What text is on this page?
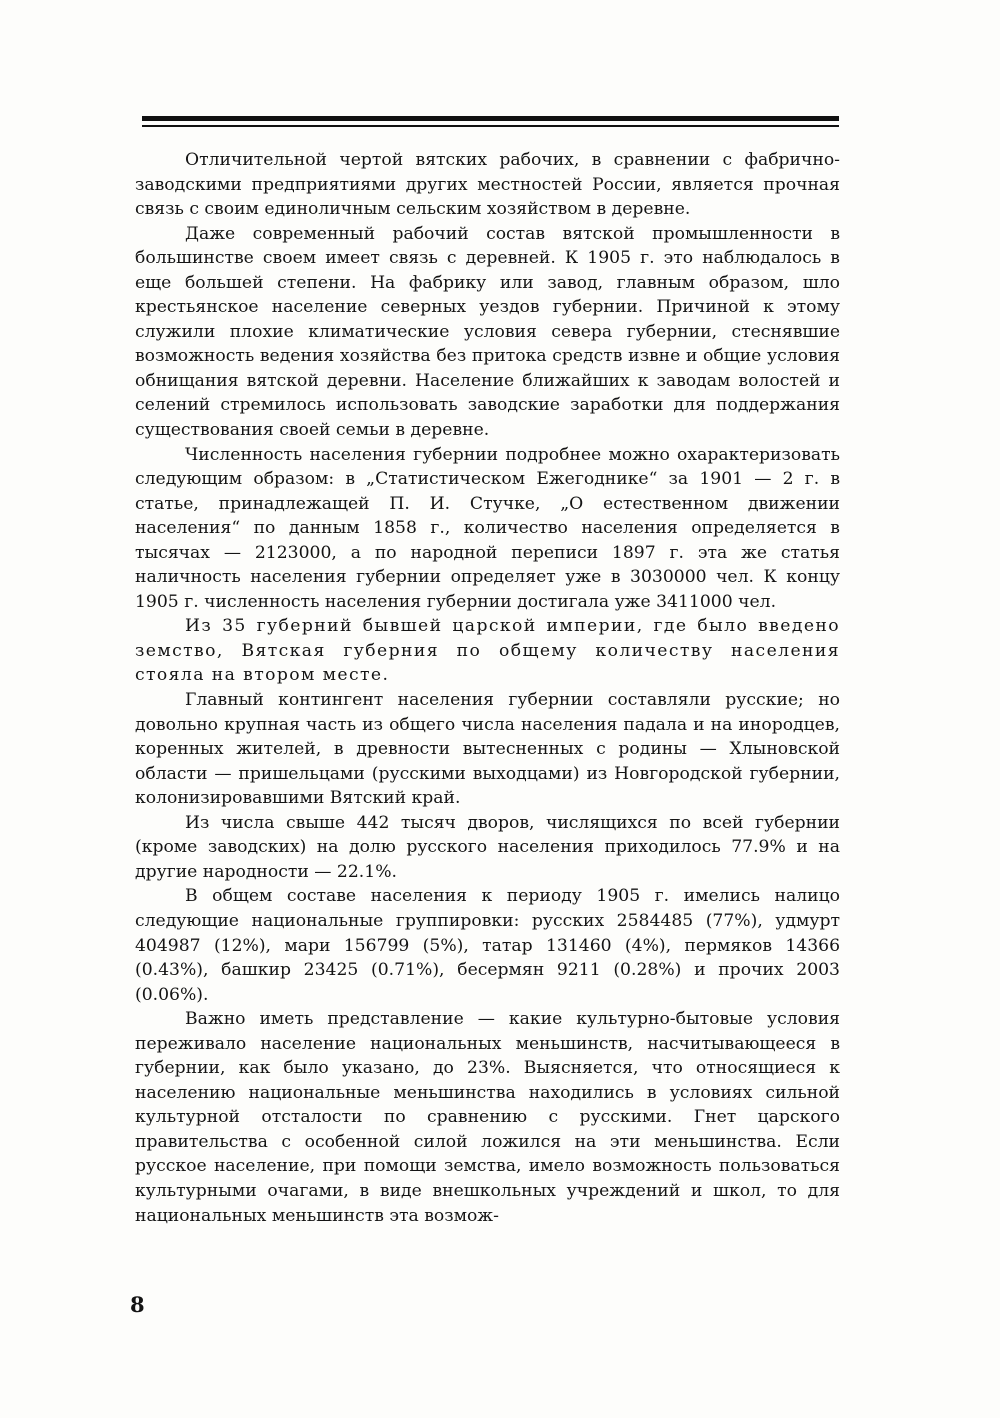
Отличительной чертой вятских рабочих, в сравнении с фабрично-заводскими предприятиями других местностей России, является прочная связь с своим единоличным сельским хозяйством в деревне.

Даже современный рабочий состав вятской промышленности в большинстве своем имеет связь с деревней. К 1905 г. это наблюдалось в еще большей степени. На фабрику или завод, главным образом, шло крестьянское население северных уездов губернии. Причиной к этому служили плохие климатические условия севера губернии, стеснявшие возможность ведения хозяйства без притока средств извне и общие условия обнищания вятской деревни. Население ближайших к заводам волостей и селений стремилось использовать заводские заработки для поддержания существования своей семьи в деревне.

Численность населения губернии подробнее можно охарактеризовать следующим образом: в „Статистическом Ежегоднике“ за 1901 — 2 г. в статье, принадлежащей П. И. Стучке, „О естественном движении населения“ по данным 1858 г., количество населения определяется в тысячах — 2123000, а по народной переписи 1897 г. эта же статья наличность населения губернии определяет уже в 3030000 чел. К концу 1905 г. численность населения губернии достигала уже 3411000 чел.

Из 35 губерний бывшей царской империи, где было введено земство, Вятская губерния по общему количеству населения стояла на втором месте.

Главный контингент населения губернии составляли русские; но довольно крупная часть из общего числа населения падала и на инородцев, коренных жителей, в древности вытесненных с родины — Хлыновской области — пришельцами (русскими выходцами) из Новгородской губернии, колонизировавшими Вятский край.

Из числа свыше 442 тысяч дворов, числящихся по всей губернии (кроме заводских) на долю русского населения приходилось 77.9% и на другие народности — 22.1%.

В общем составе населения к периоду 1905 г. имелись налицо следующие национальные группировки: русских 2584485 (77%), удмурт 404987 (12%), мари 156799 (5%), татар 131460 (4%), пермяков 14366 (0.43%), башкир 23425 (0.71%), бесермян 9211 (0.28%) и прочих 2003 (0.06%).

Важно иметь представление — какие культурно-бытовые условия переживало население национальных меньшинств, насчитывающееся в губернии, как было указано, до 23%. Выясняется, что относящиеся к населению национальные меньшинства находились в условиях сильной культурной отсталости по сравнению с русскими. Гнет царского правительства с особенной силой ложился на эти меньшинства. Если русское население, при помощи земства, имело возможность пользоваться культурными очагами, в виде внешкольных учреждений и школ, то для национальных меньшинств эта возмож-

8
